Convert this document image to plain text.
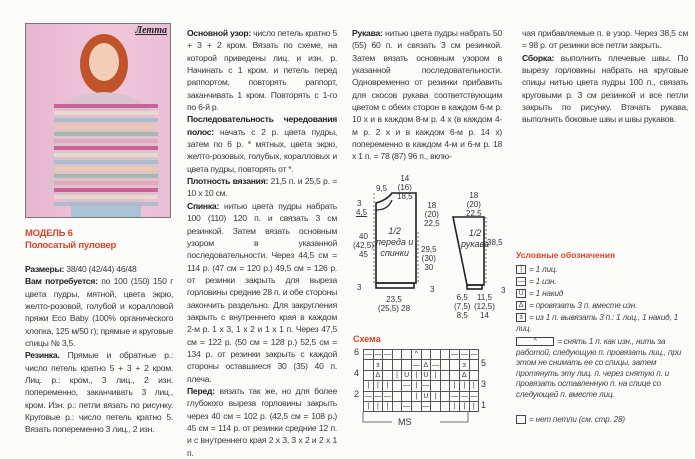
Летта
МОДЕЛЬ 6
Полосатый пуловер

Размеры: 38/40 (42/44) 46/48

Вам потребуется: по 100 (150) 150 г цвета пудры, мятной, цвета экрю, желто-розовой, голубой и коралловой пряжи Eco Baby (100% органического хлопка, 125 м/50 г); прямые и круговые спицы № 3,5.

Резинка. Прямые и обратные р.: число петель кратно 5 + 3 + 2 кром. Лиц. р.: кром., 3 лиц., 2 изн. попеременно, заканчивать 3 лиц., кром. Изн. р.: петли вязать по рисунку. Круговые р.: число петель кратно 5. Вязать попеременно 3 лиц., 2 изн.

Основной узор: число петель кратно 5 + 3 + 2 кром. Вязать по схеме, на которой приведены лиц. и изн. р. Начинать с 1 кром. и петель перед раппортом, повторять раппорт, заканчивать 1 кром. Повторять с 1-го по 6-й р.

Последовательность чередования полос: начать с 2 р. цвета пудры, затем по 6 р. * мятных, цвета экрю, желто-розовых, голубых, коралловых и цвета пудры, повторять от *.

Плотность вязания: 21,5 п. и 25,5 р. = 10 х 10 см.

Спинка: нитью цвета пудры набрать 100 (110) 120 п. и связать 3 см резинкой. Затем вязать основным узором в указанной последовательности. Через 44,5 см = 114 р. (47 см = 120 р.) 49,5 см = 126 р. от резинки закрыть для выреза горловины средние 28 п. и обе стороны закончить раздельно. Для закругления закрыть с внутреннего края в каждом 2-м р. 1 х 3, 1 х 2 и 1 х 1 п. Через 47,5 см = 122 р. (50 см = 128 р.) 52,5 см = 134 р. от резинки закрыть с каждой стороны оставшиеся 30 (35) 40 п. плеча.

Перед: вязать так же, но для более глубокого выреза горловины закрыть через 40 см = 102 р. (42,5 см = 108 р.) 45 см = 114 р. от резинки средние 12 п. и с внутреннего края 2 х 3, 3 х 2 и 2 х 1 п.

Рукава: нитью цвета пудры набрать 50 (55) 60 п. и связать 3 см резинкой. Затем вязать основным узором в указанной последовательности. Одновременно от резинки прибавить для скосов рукава соответствующим цветом с обеих сторон в каждом 6-м р. 10 х и в каждом 8-м р. 4 х (в каждом 4-м р. 2 х и в каждом 6-м р. 14 х) попеременно в каждом 4-м и 6-м р. 18 х 1 п. = 78 (87) 96 п., вклю-

чая прибавляемые п. в узор. Через 38,5 см = 98 р. от резинки все петли закрыть.

Сборка: выполнить плечевые швы. По вырезу горловины набрать на круговые спицы нитью цвета пудры 100 п., связать круговыми р. 3 см резинкой и все петли закрыть по рисунку. Втачать рукава, выполнить боковые швы и швы рукавов.

14
(16)
18,5
9,5
3
4,5
18
(20)
22,5
1/2
переда и
спинки
40
(42,5)
45
29,5
(30)
30
3	3
23,5
(25,5) 28
18
(20)
22,5
1/2
рукава
38,5
3
6,5
(7,5)
8,5
11,5
(12,5)
14
Схема
—	—	—			^				—	—	—
	ɜ				—	Δ	—			ɜ	
	Δ		|	U	|	U	|			Δ	
|	|	|		—	|	—			|	|	|
—	—	—			|	U	|		—	—	—
|	|	|		—		—			|	|	|
6
4
2
5
3
1
MS
Условные обозначения
| = 1 лиц.
— = 1 изн.
U = 1 накид
Δ = провязать 3 п. вместе изн.
ɜ = из 1 п. вывязать 3 п.: 1 лиц., 1 накид, 1 лиц.
^ = снять 1 п. как изн., нить за работой, следующую п. провязать лиц., при этом не снимать ее со спицы, затем протянуть эту лиц. п. через снятую п. и провязать оставленную п. на спице со следующей п. вместе лиц.
= нет петли (см. стр. 28)
